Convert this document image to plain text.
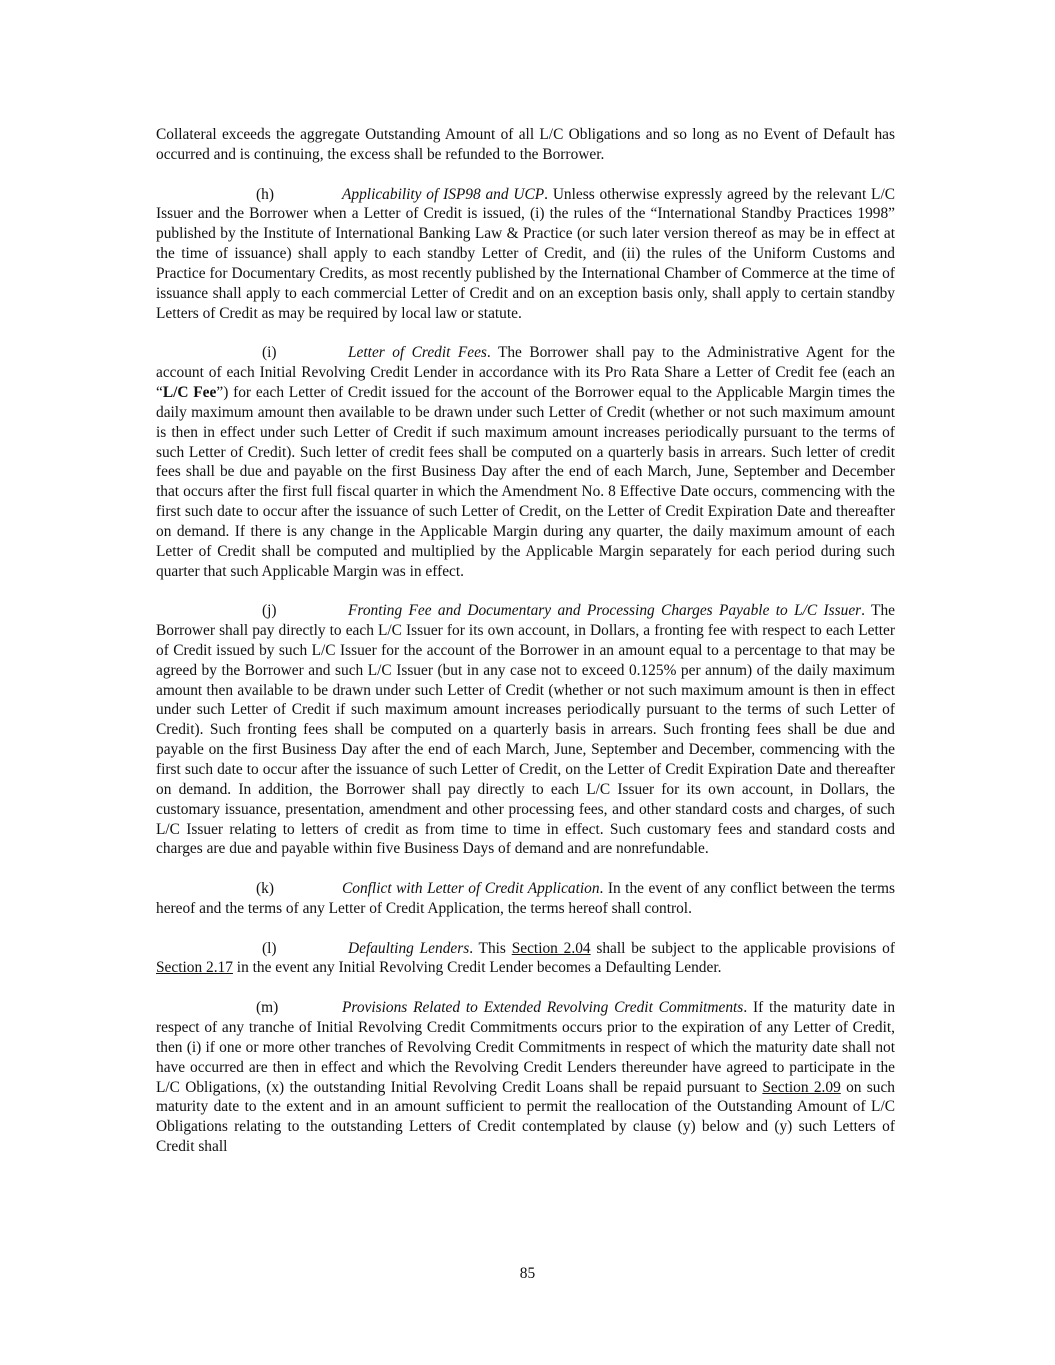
Collateral exceeds the aggregate Outstanding Amount of all L/C Obligations and so long as no Event of Default has occurred and is continuing, the excess shall be refunded to the Borrower.

(h)	Applicability of ISP98 and UCP. Unless otherwise expressly agreed by the relevant L/C Issuer and the Borrower when a Letter of Credit is issued, (i) the rules of the “International Standby Practices 1998” published by the Institute of International Banking Law & Practice (or such later version thereof as may be in effect at the time of issuance) shall apply to each standby Letter of Credit, and (ii) the rules of the Uniform Customs and Practice for Documentary Credits, as most recently published by the International Chamber of Commerce at the time of issuance shall apply to each commercial Letter of Credit and on an exception basis only, shall apply to certain standby Letters of Credit as may be required by local law or statute.

(i)	Letter of Credit Fees. The Borrower shall pay to the Administrative Agent for the account of each Initial Revolving Credit Lender in accordance with its Pro Rata Share a Letter of Credit fee (each an “L/C Fee”) for each Letter of Credit issued for the account of the Borrower equal to the Applicable Margin times the daily maximum amount then available to be drawn under such Letter of Credit (whether or not such maximum amount is then in effect under such Letter of Credit if such maximum amount increases periodically pursuant to the terms of such Letter of Credit). Such letter of credit fees shall be computed on a quarterly basis in arrears. Such letter of credit fees shall be due and payable on the first Business Day after the end of each March, June, September and December that occurs after the first full fiscal quarter in which the Amendment No. 8 Effective Date occurs, commencing with the first such date to occur after the issuance of such Letter of Credit, on the Letter of Credit Expiration Date and thereafter on demand. If there is any change in the Applicable Margin during any quarter, the daily maximum amount of each Letter of Credit shall be computed and multiplied by the Applicable Margin separately for each period during such quarter that such Applicable Margin was in effect.

(j)	Fronting Fee and Documentary and Processing Charges Payable to L/C Issuer. The Borrower shall pay directly to each L/C Issuer for its own account, in Dollars, a fronting fee with respect to each Letter of Credit issued by such L/C Issuer for the account of the Borrower in an amount equal to a percentage to that may be agreed by the Borrower and such L/C Issuer (but in any case not to exceed 0.125% per annum) of the daily maximum amount then available to be drawn under such Letter of Credit (whether or not such maximum amount is then in effect under such Letter of Credit if such maximum amount increases periodically pursuant to the terms of such Letter of Credit). Such fronting fees shall be computed on a quarterly basis in arrears. Such fronting fees shall be due and payable on the first Business Day after the end of each March, June, September and December, commencing with the first such date to occur after the issuance of such Letter of Credit, on the Letter of Credit Expiration Date and thereafter on demand. In addition, the Borrower shall pay directly to each L/C Issuer for its own account, in Dollars, the customary issuance, presentation, amendment and other processing fees, and other standard costs and charges, of such L/C Issuer relating to letters of credit as from time to time in effect. Such customary fees and standard costs and charges are due and payable within five Business Days of demand and are nonrefundable.

(k)	Conflict with Letter of Credit Application. In the event of any conflict between the terms hereof and the terms of any Letter of Credit Application, the terms hereof shall control.

(l)	Defaulting Lenders. This Section 2.04 shall be subject to the applicable provisions of Section 2.17 in the event any Initial Revolving Credit Lender becomes a Defaulting Lender.

(m)	Provisions Related to Extended Revolving Credit Commitments. If the maturity date in respect of any tranche of Initial Revolving Credit Commitments occurs prior to the expiration of any Letter of Credit, then (i) if one or more other tranches of Revolving Credit Commitments in respect of which the maturity date shall not have occurred are then in effect and which the Revolving Credit Lenders thereunder have agreed to participate in the L/C Obligations, (x) the outstanding Initial Revolving Credit Loans shall be repaid pursuant to Section 2.09 on such maturity date to the extent and in an amount sufficient to permit the reallocation of the Outstanding Amount of L/C Obligations relating to the outstanding Letters of Credit contemplated by clause (y) below and (y) such Letters of Credit shall

85
